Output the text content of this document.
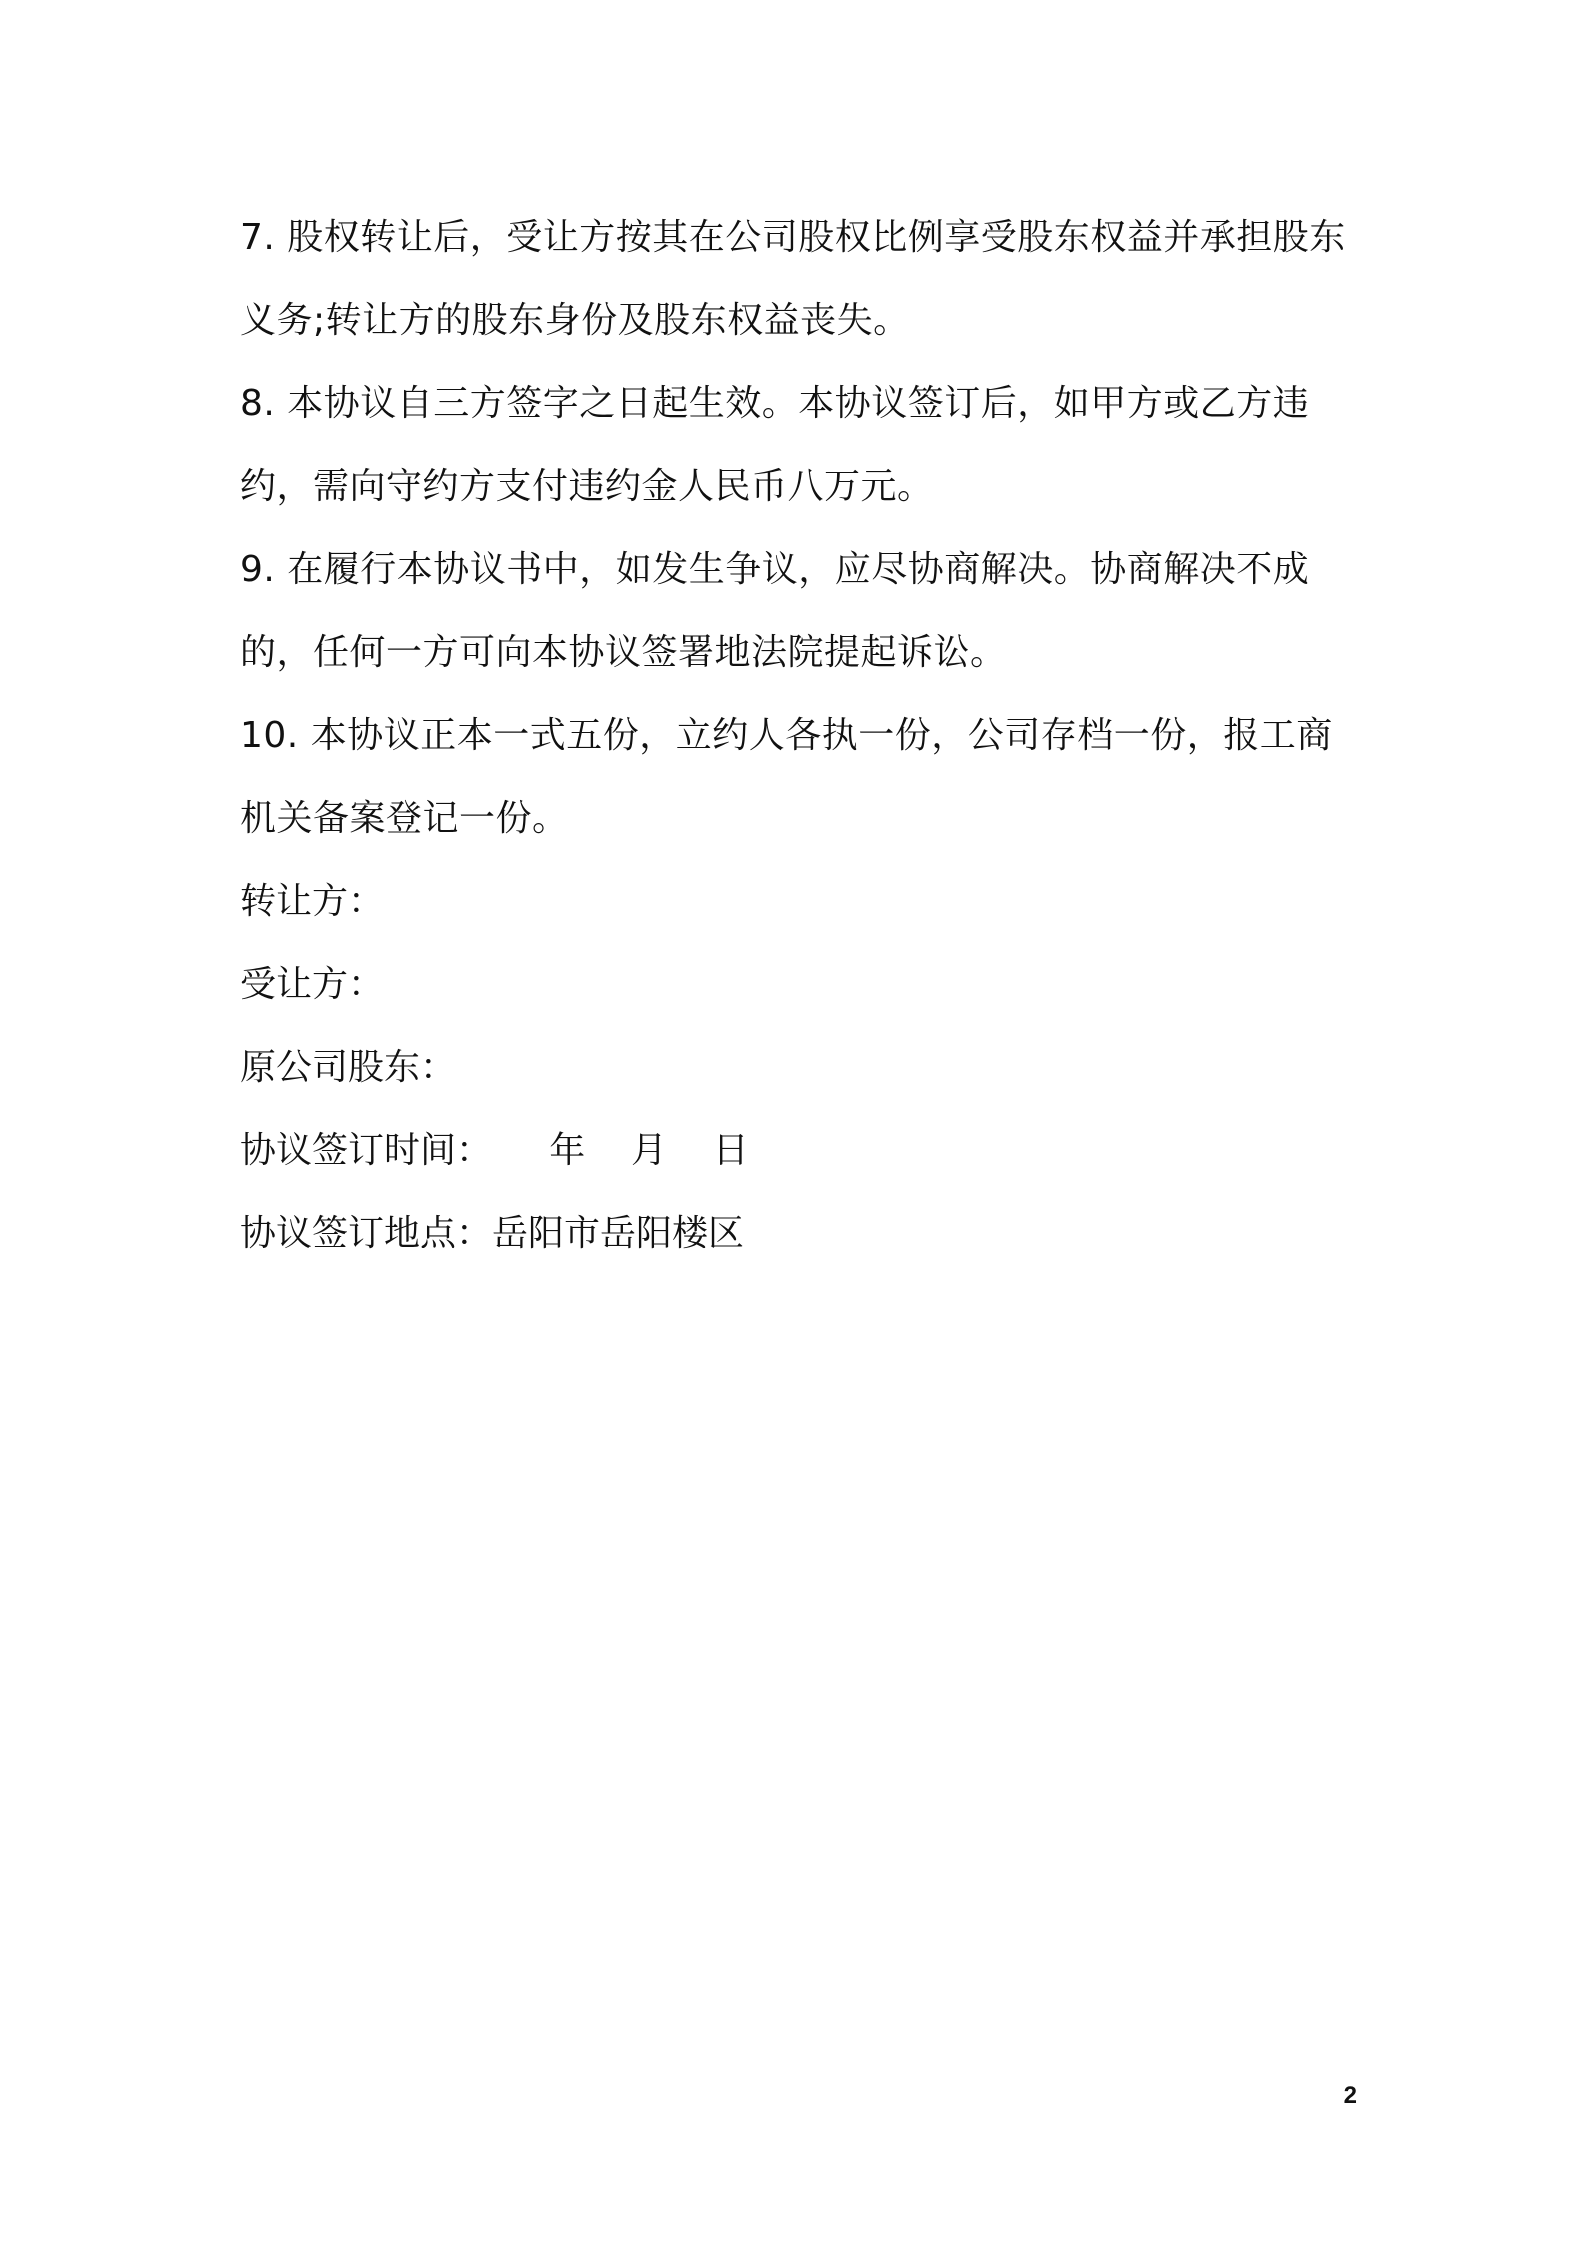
7. 股权转让后，受让方按其在公司股权比例享受股东权益并承担股东义务;转让方的股东身份及股东权益丧失。

8. 本协议自三方签字之日起生效。本协议签订后，如甲方或乙方违约，需向守约方支付违约金人民币八万元。

9. 在履行本协议书中，如发生争议，应尽协商解决。协商解决不成的，任何一方可向本协议签署地法院提起诉讼。

10. 本协议正本一式五份，立约人各执一份，公司存档一份，报工商机关备案登记一份。

转让方：

受让方：

原公司股东：

协议签订时间：     年    月    日

协议签订地点：岳阳市岳阳楼区

2
